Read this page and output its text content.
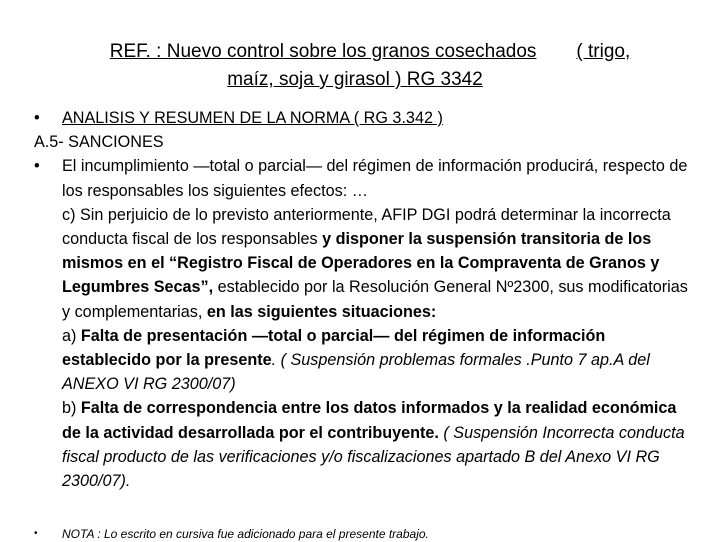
REF. : Nuevo control sobre los granos cosechados ( trigo,
maíz, soja y girasol ) RG 3342
•	ANALISIS Y RESUMEN DE LA NORMA ( RG 3.342 )
A.5- SANCIONES
•	El incumplimiento —total o parcial— del régimen de información producirá, respecto de los responsables los siguientes efectos: …
c) Sin perjuicio de lo previsto anteriormente, AFIP DGI podrá determinar la incorrecta conducta fiscal de los responsables y disponer la suspensión transitoria de los mismos en el “Registro Fiscal de Operadores en la Compraventa de Granos y Legumbres Secas”, establecido por la Resolución General Nº2300, sus modificatorias y complementarias, en las siguientes situaciones:
a) Falta de presentación —total o parcial— del régimen de información establecido por la presente. ( Suspensión problemas formales .Punto 7 ap.A del ANEXO VI RG 2300/07)
b) Falta de correspondencia entre los datos informados y la realidad económica de la actividad desarrollada por el contribuyente. ( Suspensión Incorrecta conducta fiscal producto de las verificaciones y/o fiscalizaciones apartado B del Anexo VI RG 2300/07).
•	NOTA : Lo escrito en cursiva fue adicionado para el presente trabajo.
